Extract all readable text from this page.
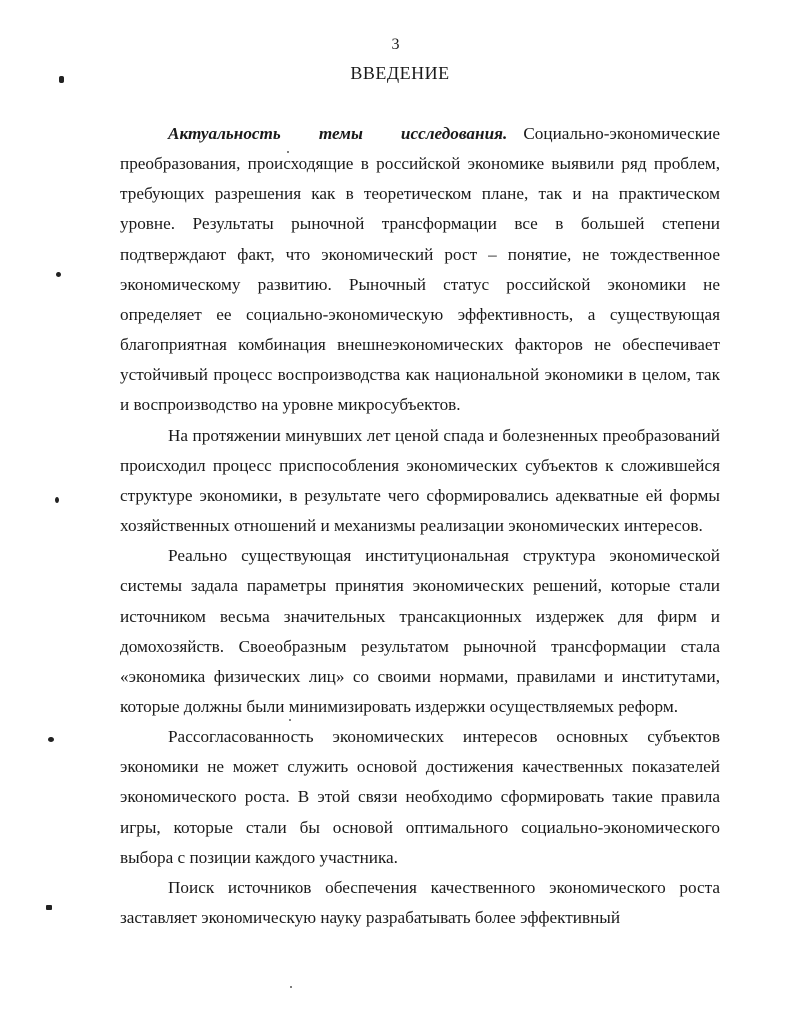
3
ВВЕДЕНИЕ

Актуальность темы исследования. Социально-экономические преобразования, происходящие в российской экономике выявили ряд проблем, требующих разрешения как в теоретическом плане, так и на практическом уровне. Результаты рыночной трансформации все в большей степени подтверждают факт, что экономический рост – понятие, не тождественное экономическому развитию. Рыночный статус российской экономики не определяет ее социально-экономическую эффективность, а существующая благоприятная комбинация внешнеэкономических факторов не обеспечивает устойчивый процесс воспроизводства как национальной экономики в целом, так и воспроизводство на уровне микросубъектов.

На протяжении минувших лет ценой спада и болезненных преобразований происходил процесс приспособления экономических субъектов к сложившейся структуре экономики, в результате чего сформировались адекватные ей формы хозяйственных отношений и механизмы реализации экономических интересов.

Реально существующая институциональная структура экономической системы задала параметры принятия экономических решений, которые стали источником весьма значительных трансакционных издержек для фирм и домохозяйств. Своеобразным результатом рыночной трансформации стала «экономика физических лиц» со своими нормами, правилами и институтами, которые должны были минимизировать издержки осуществляемых реформ.

Рассогласованность экономических интересов основных субъектов экономики не может служить основой достижения качественных показателей экономического роста. В этой связи необходимо сформировать такие правила игры, которые стали бы основой оптимального социально-экономического выбора с позиции каждого участника.

Поиск источников обеспечения качественного экономического роста заставляет экономическую науку разрабатывать более эффективный
